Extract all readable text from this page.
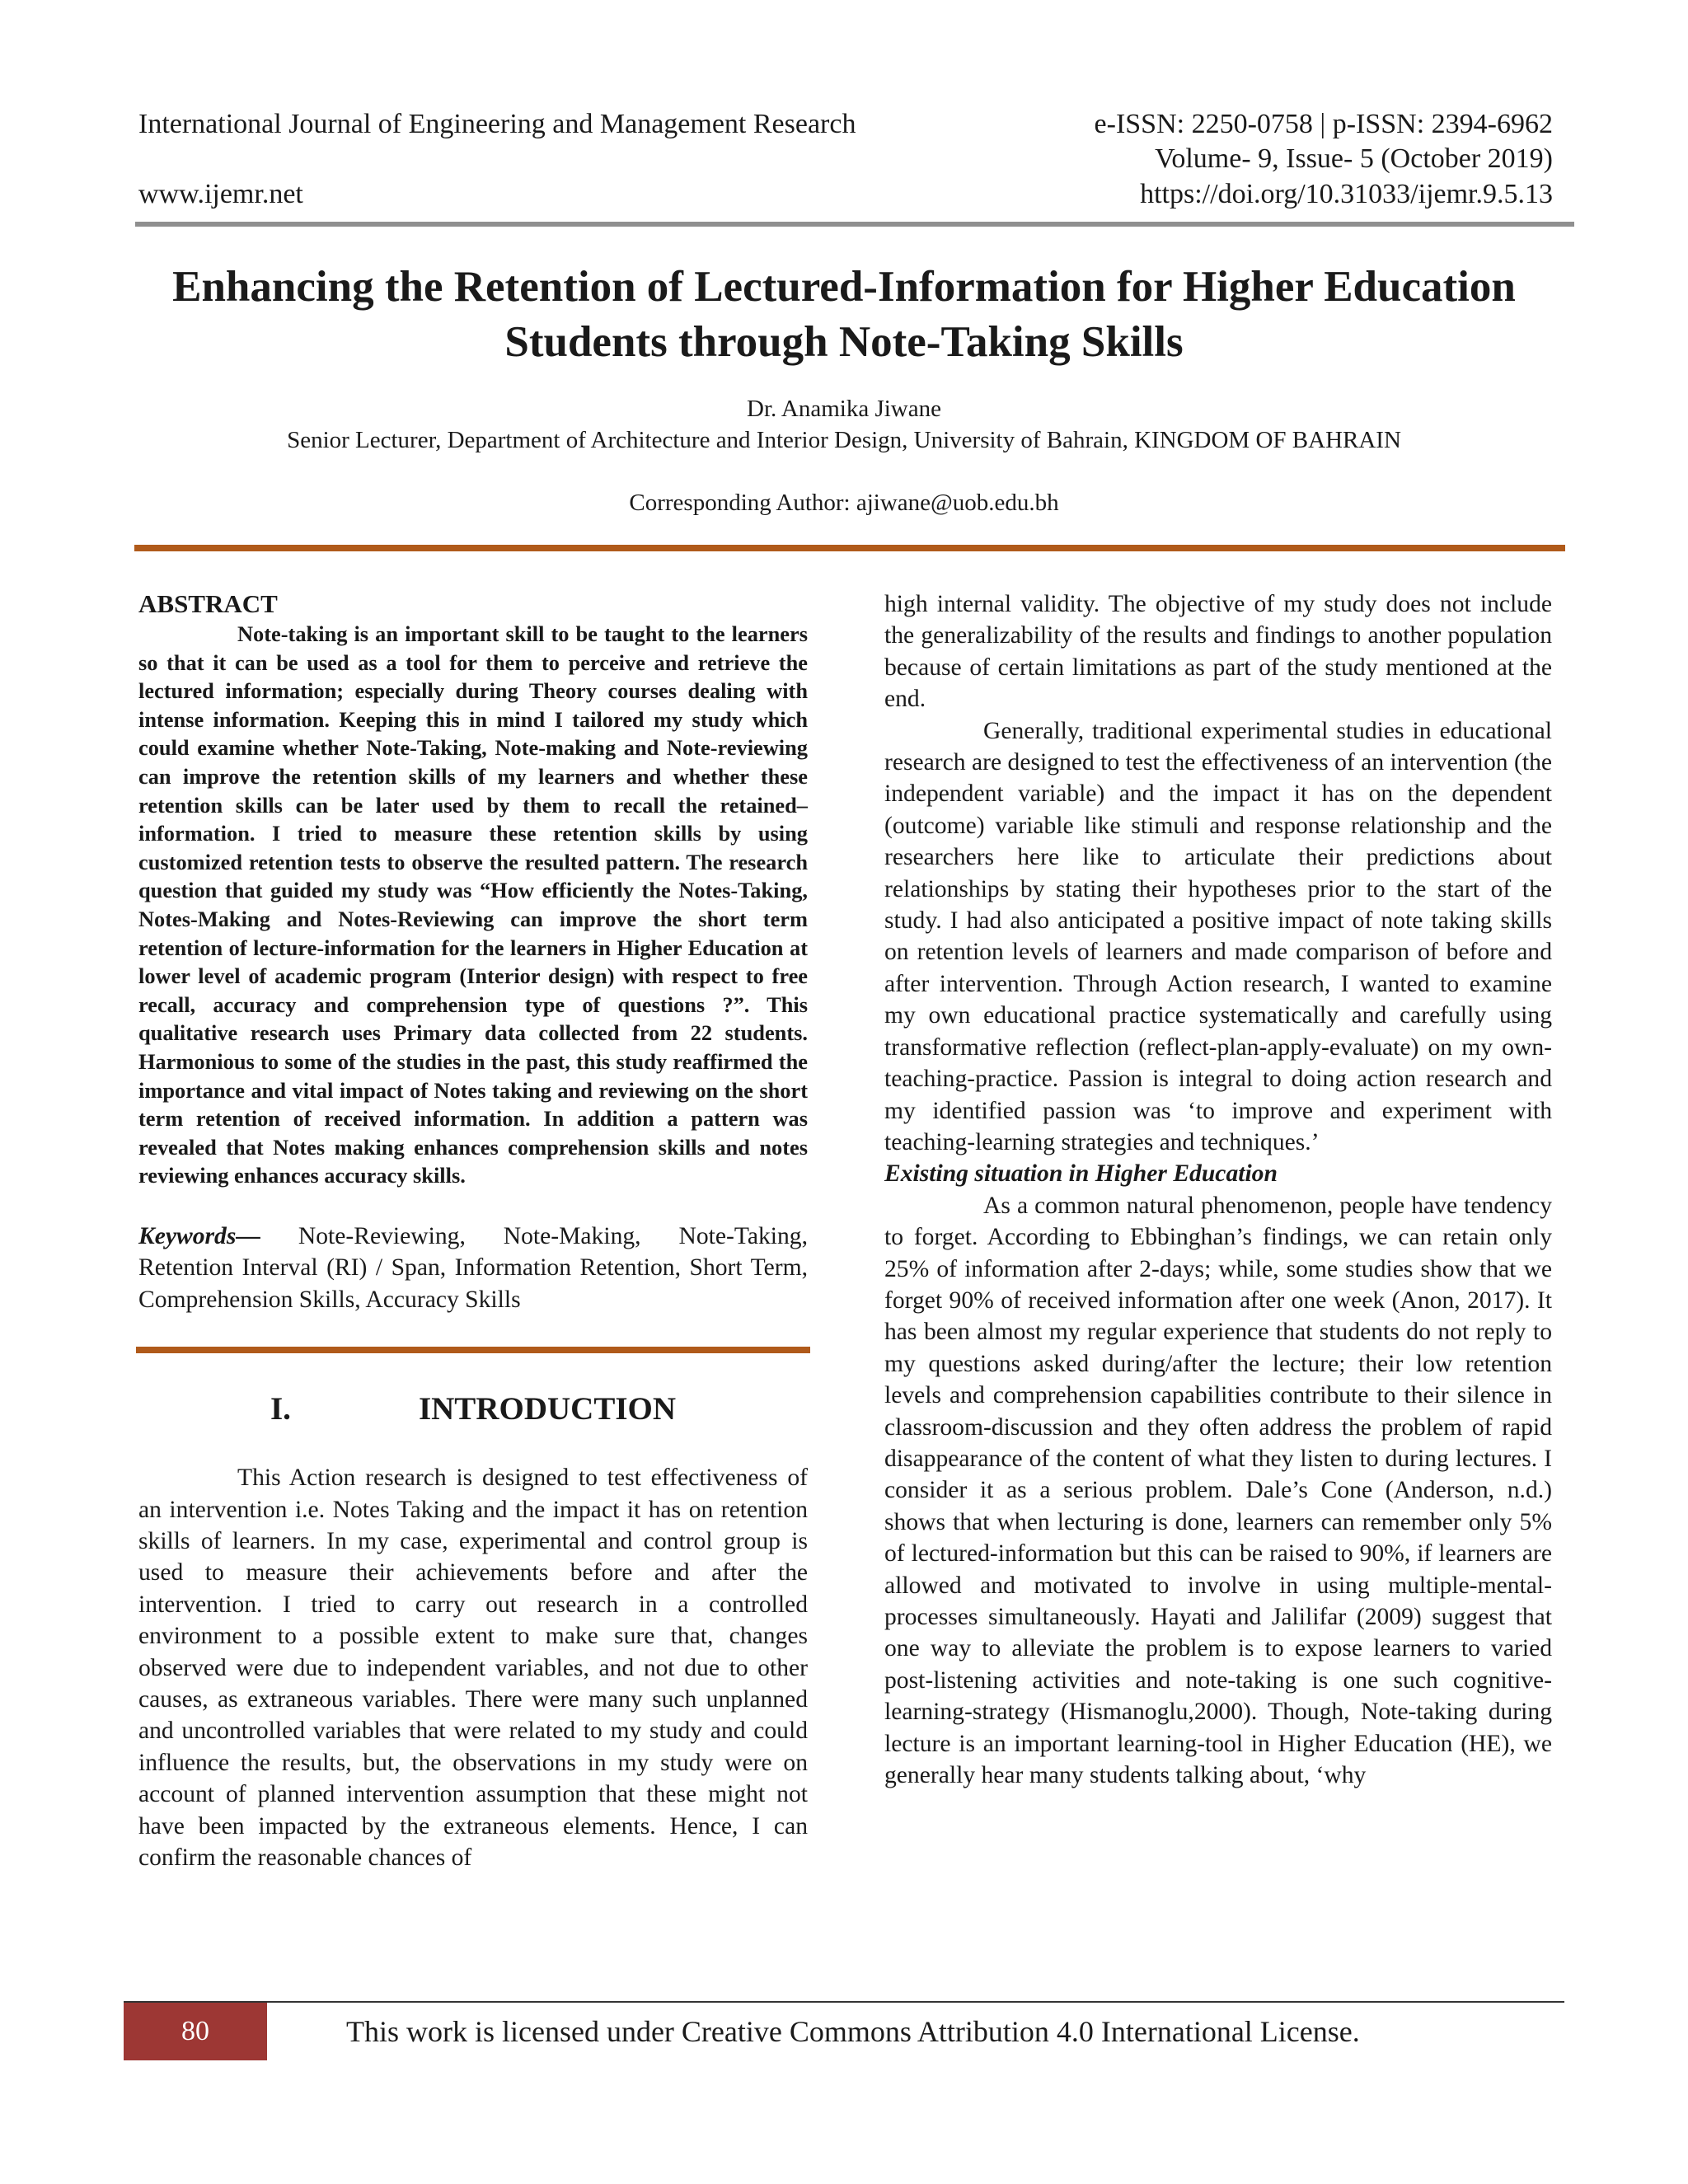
International Journal of Engineering and Management Research	e-ISSN: 2250-0758 | p-ISSN: 2394-6962
Volume- 9, Issue- 5 (October 2019)
www.ijemr.net	https://doi.org/10.31033/ijemr.9.5.13
Enhancing the Retention of Lectured-Information for Higher Education
Students through Note-Taking Skills
Dr. Anamika Jiwane
Senior Lecturer, Department of Architecture and Interior Design, University of Bahrain, KINGDOM OF BAHRAIN
Corresponding Author: ajiwane@uob.edu.bh

ABSTRACT

Note-taking is an important skill to be taught to the learners so that it can be used as a tool for them to perceive and retrieve the lectured information; especially during Theory courses dealing with intense information. Keeping this in mind I tailored my study which could examine whether Note-Taking, Note-making and Note-reviewing can improve the retention skills of my learners and whether these retention skills can be later used by them to recall the retained–information. I tried to measure these retention skills by using customized retention tests to observe the resulted pattern. The research question that guided my study was “How efficiently the Notes-Taking, Notes-Making and Notes-Reviewing can improve the short term retention of lecture-information for the learners in Higher Education at lower level of academic program (Interior design) with respect to free recall, accuracy and comprehension type of questions ?”. This qualitative research uses Primary data collected from 22 students. Harmonious to some of the studies in the past, this study reaffirmed the importance and vital impact of Notes taking and reviewing on the short term retention of received information. In addition a pattern was revealed that Notes making enhances comprehension skills and notes reviewing enhances accuracy skills.

Keywords— Note-Reviewing, Note-Making, Note-Taking, Retention Interval (RI) / Span, Information Retention, Short Term, Comprehension Skills, Accuracy Skills

I.	INTRODUCTION

This Action research is designed to test effectiveness of an intervention i.e. Notes Taking and the impact it has on retention skills of learners. In my case, experimental and control group is used to measure their achievements before and after the intervention. I tried to carry out research in a controlled environment to a possible extent to make sure that, changes observed were due to independent variables, and not due to other causes, as extraneous variables. There were many such unplanned and uncontrolled variables that were related to my study and could influence the results, but, the observations in my study were on account of planned intervention assumption that these might not have been impacted by the extraneous elements. Hence, I can confirm the reasonable chances of

high internal validity. The objective of my study does not include the generalizability of the results and findings to another population because of certain limitations as part of the study mentioned at the end.

Generally, traditional experimental studies in educational research are designed to test the effectiveness of an intervention (the independent variable) and the impact it has on the dependent (outcome) variable like stimuli and response relationship and the researchers here like to articulate their predictions about relationships by stating their hypotheses prior to the start of the study. I had also anticipated a positive impact of note taking skills on retention levels of learners and made comparison of before and after intervention. Through Action research, I wanted to examine my own educational practice systematically and carefully using transformative reflection (reflect-plan-apply-evaluate) on my own-teaching-practice. Passion is integral to doing action research and my identified passion was ‘to improve and experiment with teaching-learning strategies and techniques.’

Existing situation in Higher Education

As a common natural phenomenon, people have tendency to forget. According to Ebbinghan’s findings, we can retain only 25% of information after 2-days; while, some studies show that we forget 90% of received information after one week (Anon, 2017). It has been almost my regular experience that students do not reply to my questions asked during/after the lecture; their low retention levels and comprehension capabilities contribute to their silence in classroom-discussion and they often address the problem of rapid disappearance of the content of what they listen to during lectures. I consider it as a serious problem. Dale’s Cone (Anderson, n.d.) shows that when lecturing is done, learners can remember only 5% of lectured-information but this can be raised to 90%, if learners are allowed and motivated to involve in using multiple-mental-processes simultaneously. Hayati and Jalilifar (2009) suggest that one way to alleviate the problem is to expose learners to varied post-listening activities and note-taking is one such cognitive-learning-strategy (Hismanoglu,2000). Though, Note-taking during lecture is an important learning-tool in Higher Education (HE), we generally hear many students talking about, ‘why

80	This work is licensed under Creative Commons Attribution 4.0 International License.
